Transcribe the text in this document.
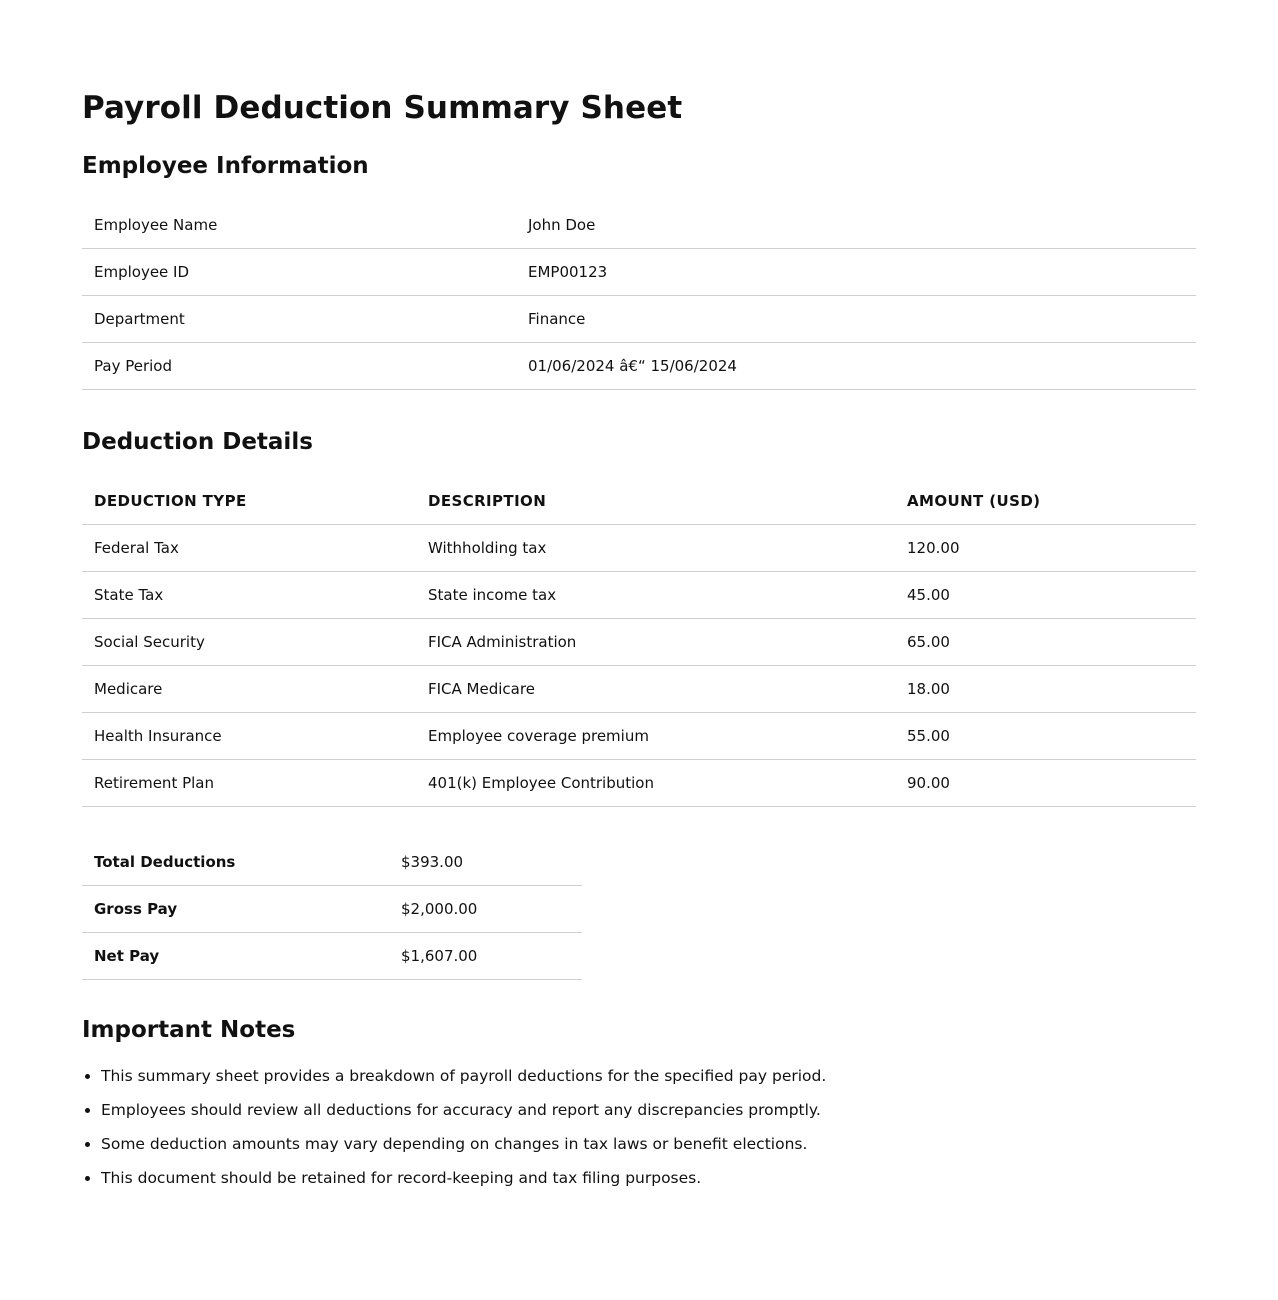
Payroll Deduction Summary Sheet
Employee Information
Employee Name	John Doe
Employee ID	EMP00123
Department	Finance
Pay Period	01/06/2024 â€“ 15/06/2024
Deduction Details
DEDUCTION TYPE	DESCRIPTION	AMOUNT (USD)
Federal Tax	Withholding tax	120.00
State Tax	State income tax	45.00
Social Security	FICA Administration	65.00
Medicare	FICA Medicare	18.00
Health Insurance	Employee coverage premium	55.00
Retirement Plan	401(k) Employee Contribution	90.00
Total Deductions	$393.00
Gross Pay	$2,000.00
Net Pay	$1,607.00
Important Notes
• This summary sheet provides a breakdown of payroll deductions for the specified pay period.
• Employees should review all deductions for accuracy and report any discrepancies promptly.
• Some deduction amounts may vary depending on changes in tax laws or benefit elections.
• This document should be retained for record-keeping and tax filing purposes.
